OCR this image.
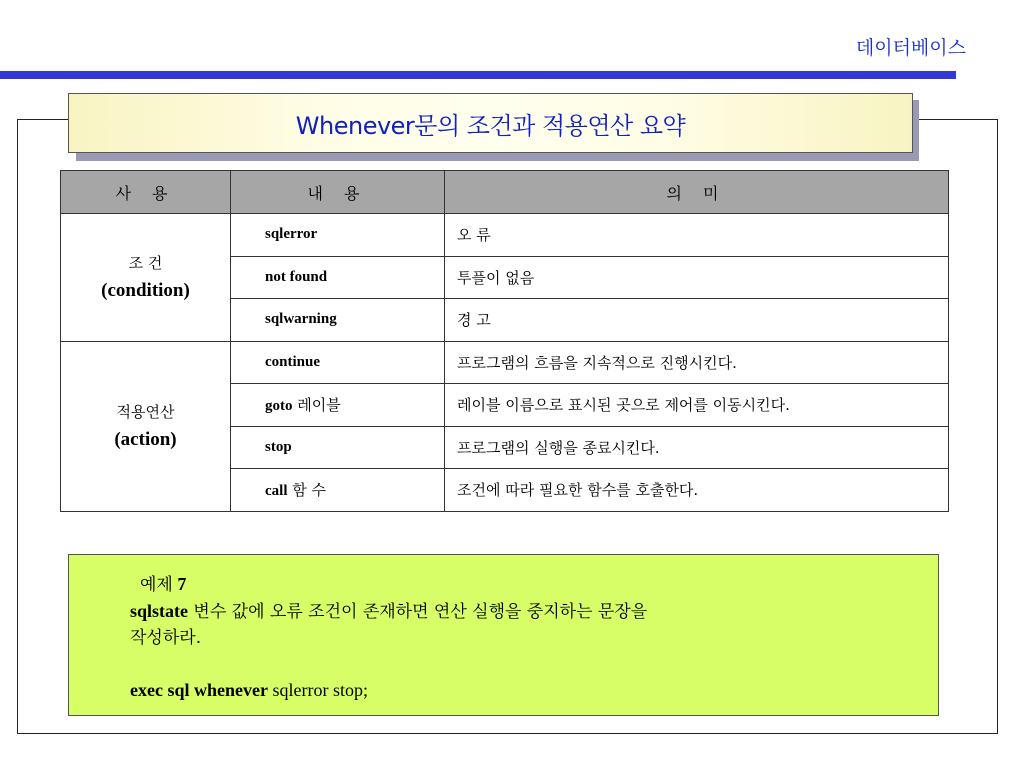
데이터베이스
Whenever문의 조건과 적용연산 요약
사 용	내 용	의 미

조 건
(condition)	sqlerror	오 류
	not found	투플이 없음
	sqlwarning	경 고

적용연산
(action)	continue	프로그램의 흐름을 지속적으로 진행시킨다.
	goto 레이블	레이블 이름으로 표시된 곳으로 제어를 이동시킨다.
	stop	프로그램의 실행을 종료시킨다.
	call 함 수	조건에 따라 필요한 함수를 호출한다.
예제 7
sqlstate 변수 값에 오류 조건이 존재하면 연산 실행을 중지하는 문장을
작성하라.
exec sql whenever sqlerror stop;
